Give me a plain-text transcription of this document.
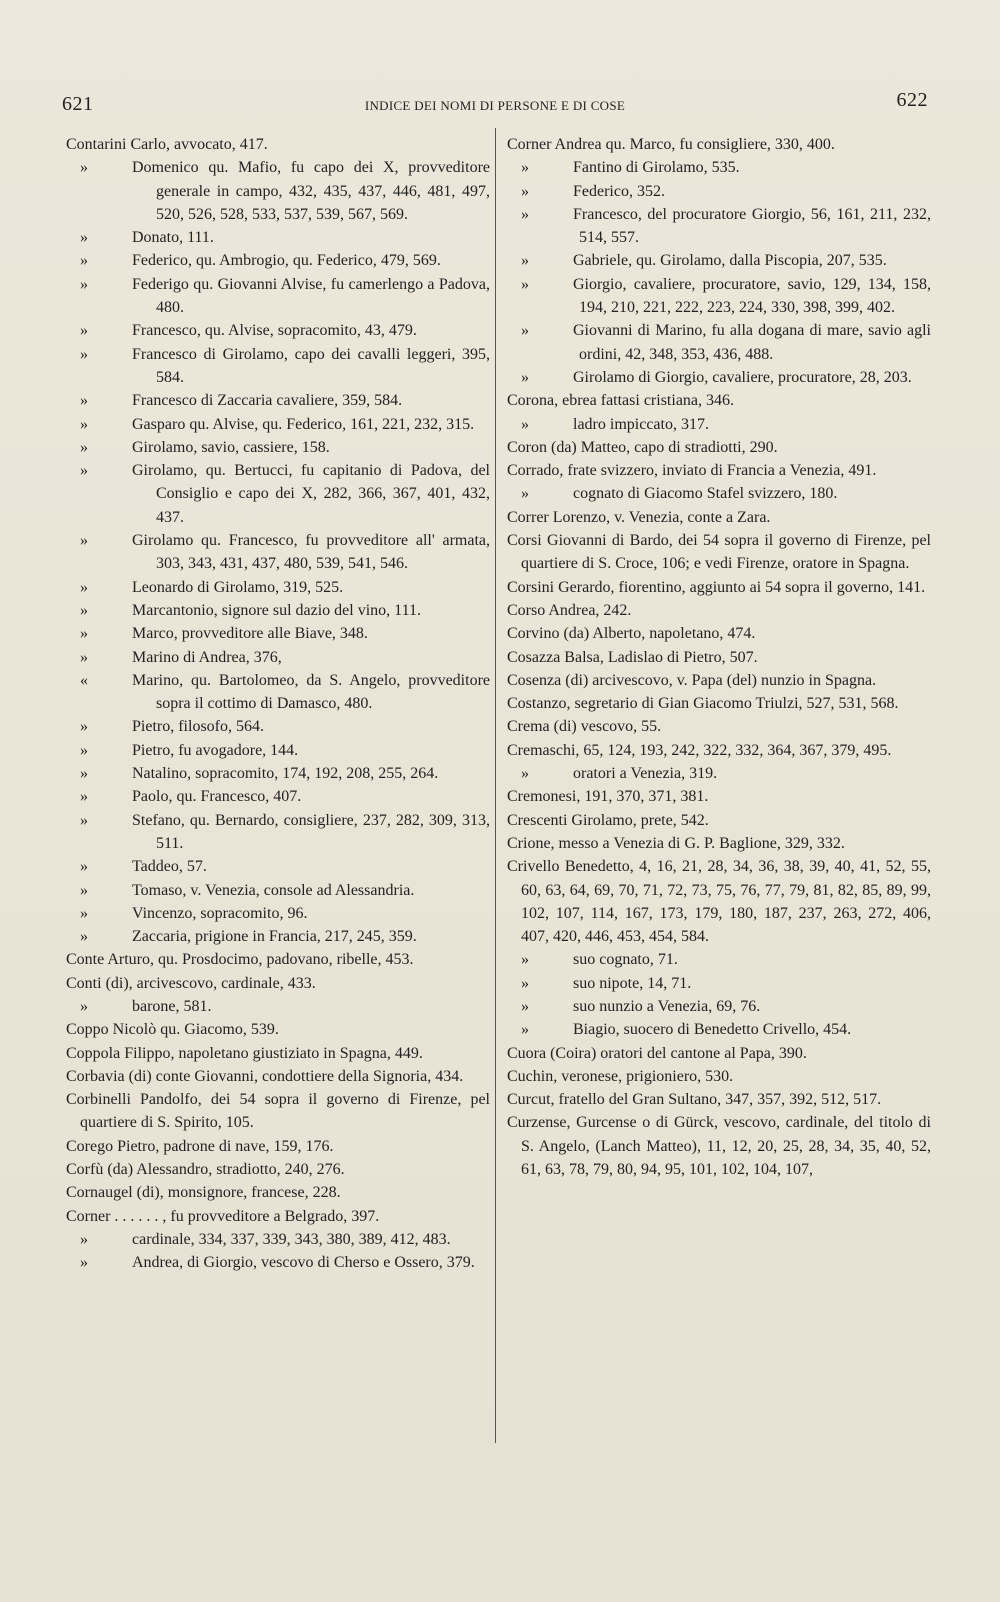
621	INDICE DEI NOMI DI PERSONE E DI COSE	622

Contarini Carlo, avvocato, 417.

»	Domenico qu. Mafio, fu capo dei X, provveditore generale in campo, 432, 435, 437, 446, 481, 497, 520, 526, 528, 533, 537, 539, 567, 569.

»	Donato, 111.

»	Federico, qu. Ambrogio, qu. Federico, 479, 569.

»	Federigo qu. Giovanni Alvise, fu camerlengo a Padova, 480.

»	Francesco, qu. Alvise, sopracomito, 43, 479.

»	Francesco di Girolamo, capo dei cavalli leggeri, 395, 584.

»	Francesco di Zaccaria cavaliere, 359, 584.

»	Gasparo qu. Alvise, qu. Federico, 161, 221, 232, 315.

»	Girolamo, savio, cassiere, 158.

»	Girolamo, qu. Bertucci, fu capitanio di Padova, del Consiglio e capo dei X, 282, 366, 367, 401, 432, 437.

»	Girolamo qu. Francesco, fu provveditore all' armata, 303, 343, 431, 437, 480, 539, 541, 546.

»	Leonardo di Girolamo, 319, 525.

»	Marcantonio, signore sul dazio del vino, 111.

»	Marco, provveditore alle Biave, 348.

»	Marino di Andrea, 376,

«	Marino, qu. Bartolomeo, da S. Angelo, provveditore sopra il cottimo di Damasco, 480.

»	Pietro, filosofo, 564.

»	Pietro, fu avogadore, 144.

»	Natalino, sopracomito, 174, 192, 208, 255, 264.

»	Paolo, qu. Francesco, 407.

»	Stefano, qu. Bernardo, consigliere, 237, 282, 309, 313, 511.

»	Taddeo, 57.

»	Tomaso, v. Venezia, console ad Alessandria.

»	Vincenzo, sopracomito, 96.

»	Zaccaria, prigione in Francia, 217, 245, 359.

Conte Arturo, qu. Prosdocimo, padovano, ribelle, 453.

Conti (di), arcivescovo, cardinale, 433.

»	barone, 581.

Coppo Nicolò qu. Giacomo, 539.

Coppola Filippo, napoletano giustiziato in Spagna, 449.

Corbavia (di) conte Giovanni, condottiere della Signoria, 434.

Corbinelli Pandolfo, dei 54 sopra il governo di Firenze, pel quartiere di S. Spirito, 105.

Corego Pietro, padrone di nave, 159, 176.

Corfù (da) Alessandro, stradiotto, 240, 276.

Cornaugel (di), monsignore, francese, 228.

Corner . . . . . . , fu provveditore a Belgrado, 397.

»	cardinale, 334, 337, 339, 343, 380, 389, 412, 483.

»	Andrea, di Giorgio, vescovo di Cherso e Ossero, 379.

Corner Andrea qu. Marco, fu consigliere, 330, 400.

»	Fantino di Girolamo, 535.

»	Federico, 352.

»	Francesco, del procuratore Giorgio, 56, 161, 211, 232, 514, 557.

»	Gabriele, qu. Girolamo, dalla Piscopia, 207, 535.

»	Giorgio, cavaliere, procuratore, savio, 129, 134, 158, 194, 210, 221, 222, 223, 224, 330, 398, 399, 402.

»	Giovanni di Marino, fu alla dogana di mare, savio agli ordini, 42, 348, 353, 436, 488.

»	Girolamo di Giorgio, cavaliere, procuratore, 28, 203.

Corona, ebrea fattasi cristiana, 346.

»	ladro impiccato, 317.

Coron (da) Matteo, capo di stradiotti, 290.

Corrado, frate svizzero, inviato di Francia a Venezia, 491.

»	cognato di Giacomo Stafel svizzero, 180.

Correr Lorenzo, v. Venezia, conte a Zara.

Corsi Giovanni di Bardo, dei 54 sopra il governo di Firenze, pel quartiere di S. Croce, 106; e vedi Firenze, oratore in Spagna.

Corsini Gerardo, fiorentino, aggiunto ai 54 sopra il governo, 141.

Corso Andrea, 242.

Corvino (da) Alberto, napoletano, 474.

Cosazza Balsa, Ladislao di Pietro, 507.

Cosenza (di) arcivescovo, v. Papa (del) nunzio in Spagna.

Costanzo, segretario di Gian Giacomo Triulzi, 527, 531, 568.

Crema (di) vescovo, 55.

Cremaschi, 65, 124, 193, 242, 322, 332, 364, 367, 379, 495.

»	oratori a Venezia, 319.

Cremonesi, 191, 370, 371, 381.

Crescenti Girolamo, prete, 542.

Crione, messo a Venezia di G. P. Baglione, 329, 332.

Crivello Benedetto, 4, 16, 21, 28, 34, 36, 38, 39, 40, 41, 52, 55, 60, 63, 64, 69, 70, 71, 72, 73, 75, 76, 77, 79, 81, 82, 85, 89, 99, 102, 107, 114, 167, 173, 179, 180, 187, 237, 263, 272, 406, 407, 420, 446, 453, 454, 584.

»	suo cognato, 71.

»	suo nipote, 14, 71.

»	suo nunzio a Venezia, 69, 76.

»	Biagio, suocero di Benedetto Crivello, 454.

Cuora (Coira) oratori del cantone al Papa, 390.

Cuchin, veronese, prigioniero, 530.

Curcut, fratello del Gran Sultano, 347, 357, 392, 512, 517.

Curzense, Gurcense o di Gürck, vescovo, cardinale, del titolo di S. Angelo, (Lanch Matteo), 11, 12, 20, 25, 28, 34, 35, 40, 52, 61, 63, 78, 79, 80, 94, 95, 101, 102, 104, 107,
